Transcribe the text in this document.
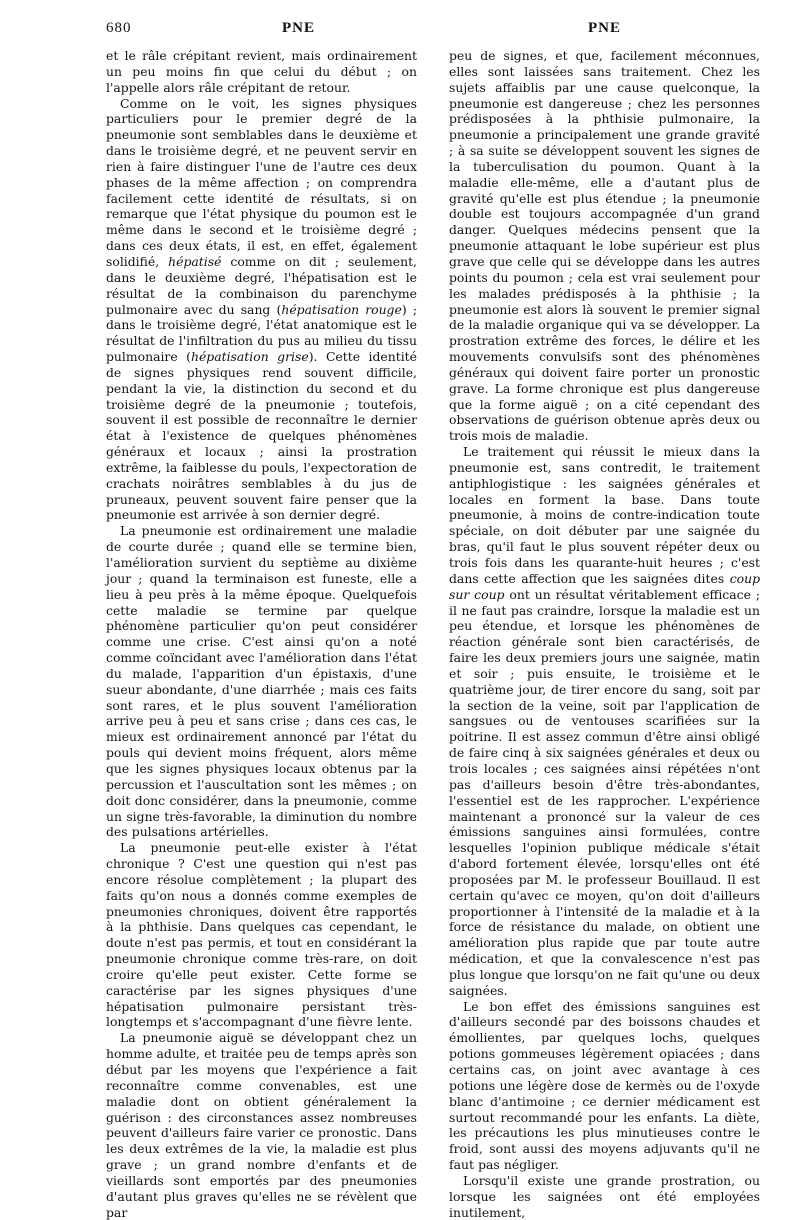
680	PNE	PNE

et le râle crépitant revient, mais ordinairement un peu moins fin que celui du début ; on l'appelle alors râle crépitant de retour.

Comme on le voit, les signes physiques particuliers pour le premier degré de la pneumonie sont semblables dans le deuxième et dans le troisième degré, et ne peuvent servir en rien à faire distinguer l'une de l'autre ces deux phases de la même affection ; on comprendra facilement cette identité de résultats, si on remarque que l'état physique du poumon est le même dans le second et le troisième degré ; dans ces deux états, il est, en effet, également solidifié, hépatisé comme on dit ; seulement, dans le deuxième degré, l'hépatisation est le résultat de la combinaison du parenchyme pulmonaire avec du sang (hépatisation rouge) ; dans le troisième degré, l'état anatomique est le résultat de l'infiltration du pus au milieu du tissu pulmonaire (hépatisation grise). Cette identité de signes physiques rend souvent difficile, pendant la vie, la distinction du second et du troisième degré de la pneumonie ; toutefois, souvent il est possible de reconnaître le dernier état à l'existence de quelques phénomènes généraux et locaux ; ainsi la prostration extrême, la faiblesse du pouls, l'expectoration de crachats noirâtres semblables à du jus de pruneaux, peuvent souvent faire penser que la pneumonie est arrivée à son dernier degré.

La pneumonie est ordinairement une maladie de courte durée ; quand elle se termine bien, l'amélioration survient du septième au dixième jour ; quand la terminaison est funeste, elle a lieu à peu près à la même époque. Quelquefois cette maladie se termine par quelque phénomène particulier qu'on peut considérer comme une crise. C'est ainsi qu'on a noté comme coïncidant avec l'amélioration dans l'état du malade, l'apparition d'un épistaxis, d'une sueur abondante, d'une diarrhée ; mais ces faits sont rares, et le plus souvent l'amélioration arrive peu à peu et sans crise ; dans ces cas, le mieux est ordinairement annoncé par l'état du pouls qui devient moins fréquent, alors même que les signes physiques locaux obtenus par la percussion et l'auscultation sont les mêmes ; on doit donc considérer, dans la pneumonie, comme un signe très-favorable, la diminution du nombre des pulsations artérielles.

La pneumonie peut-elle exister à l'état chronique ? C'est une question qui n'est pas encore résolue complètement ; la plupart des faits qu'on nous a donnés comme exemples de pneumonies chroniques, doivent être rapportés à la phthisie. Dans quelques cas cependant, le doute n'est pas permis, et tout en considérant la pneumonie chronique comme très-rare, on doit croire qu'elle peut exister. Cette forme se caractérise par les signes physiques d'une hépatisation pulmonaire persistant très-longtemps et s'accompagnant d'une fièvre lente.

La pneumonie aiguë se développant chez un homme adulte, et traitée peu de temps après son début par les moyens que l'expérience a fait reconnaître comme convenables, est une maladie dont on obtient généralement la guérison : des circonstances assez nombreuses peuvent d'ailleurs faire varier ce pronostic. Dans les deux extrêmes de la vie, la maladie est plus grave ; un grand nombre d'enfants et de vieillards sont emportés par des pneumonies d'autant plus graves qu'elles ne se révèlent que par

peu de signes, et que, facilement méconnues, elles sont laissées sans traitement. Chez les sujets affaiblis par une cause quelconque, la pneumonie est dangereuse ; chez les personnes prédisposées à la phthisie pulmonaire, la pneumonie a principalement une grande gravité ; à sa suite se développent souvent les signes de la tuberculisation du poumon. Quant à la maladie elle-même, elle a d'autant plus de gravité qu'elle est plus étendue ; la pneumonie double est toujours accompagnée d'un grand danger. Quelques médecins pensent que la pneumonie attaquant le lobe supérieur est plus grave que celle qui se développe dans les autres points du poumon ; cela est vrai seulement pour les malades prédisposés à la phthisie ; la pneumonie est alors là souvent le premier signal de la maladie organique qui va se développer. La prostration extrême des forces, le délire et les mouvements convulsifs sont des phénomènes généraux qui doivent faire porter un pronostic grave. La forme chronique est plus dangereuse que la forme aiguë ; on a cité cependant des observations de guérison obtenue après deux ou trois mois de maladie.

Le traitement qui réussit le mieux dans la pneumonie est, sans contredit, le traitement antiphlogistique : les saignées générales et locales en forment la base. Dans toute pneumonie, à moins de contre-indication toute spéciale, on doit débuter par une saignée du bras, qu'il faut le plus souvent répéter deux ou trois fois dans les quarante-huit heures ; c'est dans cette affection que les saignées dites coup sur coup ont un résultat véritablement efficace ; il ne faut pas craindre, lorsque la maladie est un peu étendue, et lorsque les phénomènes de réaction générale sont bien caractérisés, de faire les deux premiers jours une saignée, matin et soir ; puis ensuite, le troisième et le quatrième jour, de tirer encore du sang, soit par la section de la veine, soit par l'application de sangsues ou de ventouses scarifiées sur la poitrine. Il est assez commun d'être ainsi obligé de faire cinq à six saignées générales et deux ou trois locales ; ces saignées ainsi répétées n'ont pas d'ailleurs besoin d'être très-abondantes, l'essentiel est de les rapprocher. L'expérience maintenant a prononcé sur la valeur de ces émissions sanguines ainsi formulées, contre lesquelles l'opinion publique médicale s'était d'abord fortement élevée, lorsqu'elles ont été proposées par M. le professeur Bouillaud. Il est certain qu'avec ce moyen, qu'on doit d'ailleurs proportionner à l'intensité de la maladie et à la force de résistance du malade, on obtient une amélioration plus rapide que par toute autre médication, et que la convalescence n'est pas plus longue que lorsqu'on ne fait qu'une ou deux saignées.

Le bon effet des émissions sanguines est d'ailleurs secondé par des boissons chaudes et émollientes, par quelques lochs, quelques potions gommeuses légèrement opiacées ; dans certains cas, on joint avec avantage à ces potions une légère dose de kermès ou de l'oxyde blanc d'antimoine ; ce dernier médicament est surtout recommandé pour les enfants. La diète, les précautions les plus minutieuses contre le froid, sont aussi des moyens adjuvants qu'il ne faut pas négliger.

Lorsqu'il existe une grande prostration, ou lorsque les saignées ont été employées inutilement,
